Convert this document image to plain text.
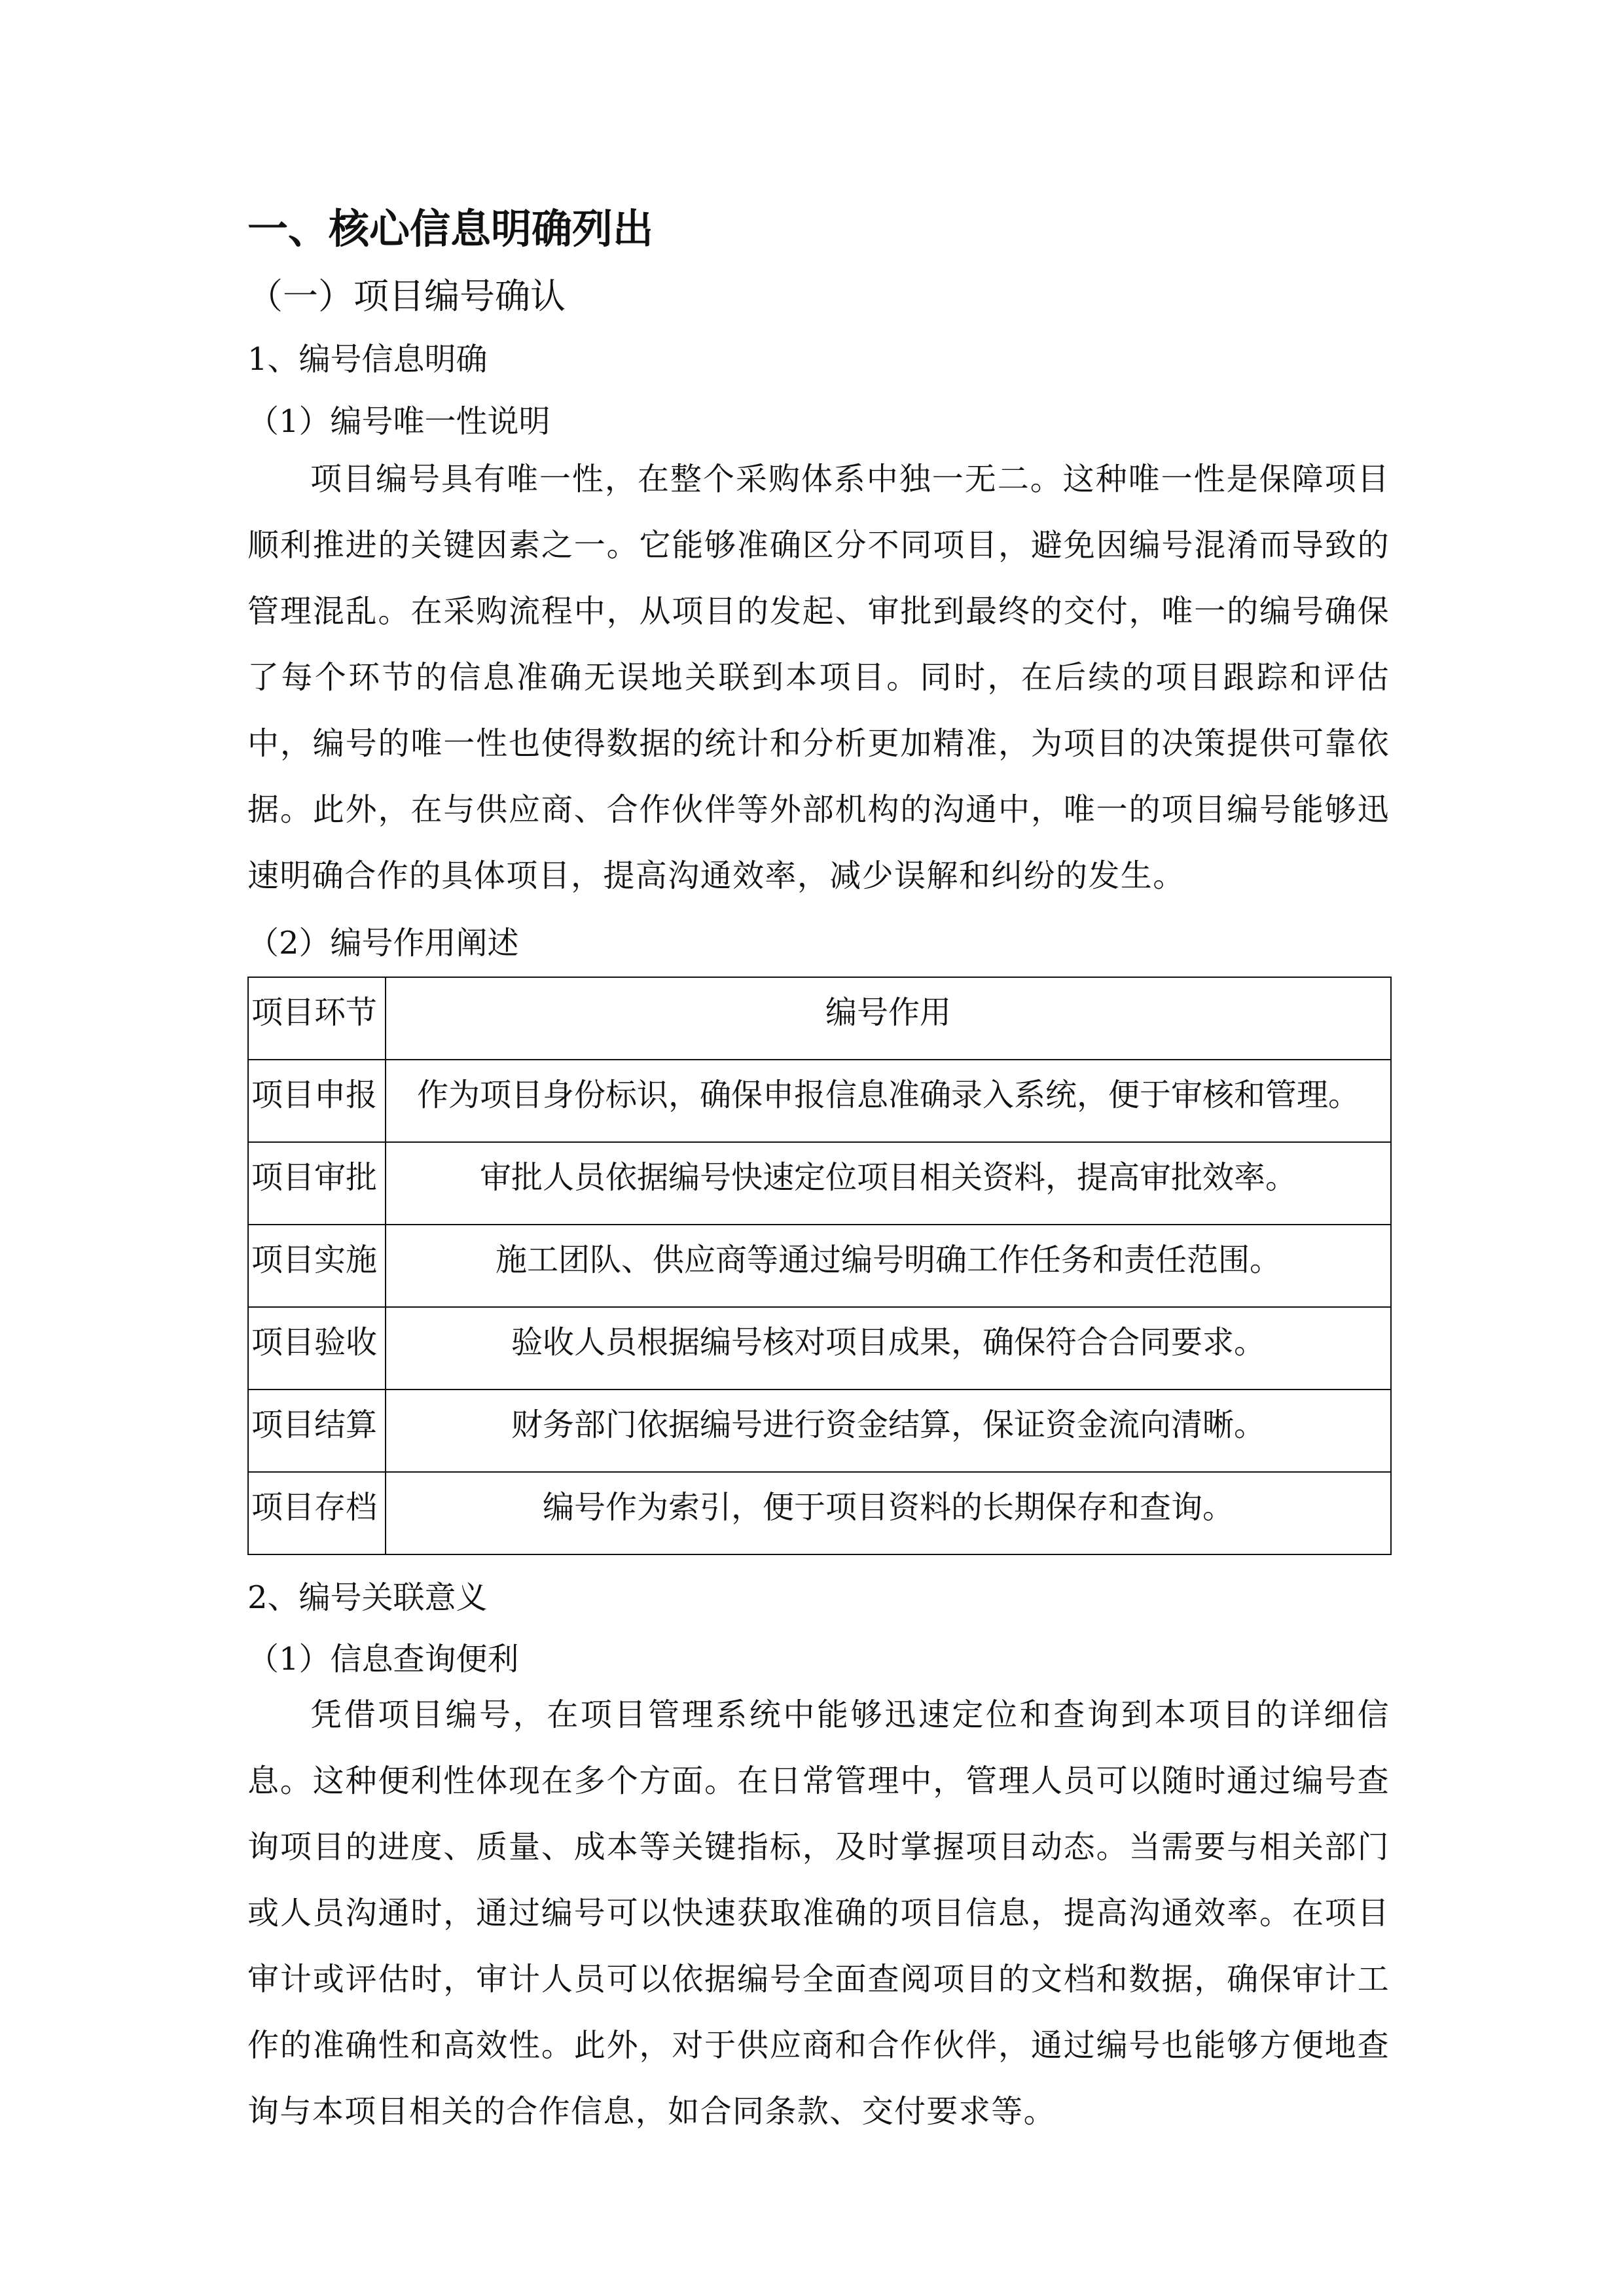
一、核心信息明确列出
（一）项目编号确认
1、编号信息明确
（1）编号唯一性说明

项目编号具有唯一性，在整个采购体系中独一无二。这种唯一性是保障项目顺利推进的关键因素之一。它能够准确区分不同项目，避免因编号混淆而导致的管理混乱。在采购流程中，从项目的发起、审批到最终的交付，唯一的编号确保了每个环节的信息准确无误地关联到本项目。同时，在后续的项目跟踪和评估中，编号的唯一性也使得数据的统计和分析更加精准，为项目的决策提供可靠依据。此外，在与供应商、合作伙伴等外部机构的沟通中，唯一的项目编号能够迅速明确合作的具体项目，提高沟通效率，减少误解和纠纷的发生。

（2）编号作用阐述
项目环节	编号作用
项目申报	作为项目身份标识，确保申报信息准确录入系统，便于审核和管理。
项目审批	审批人员依据编号快速定位项目相关资料，提高审批效率。
项目实施	施工团队、供应商等通过编号明确工作任务和责任范围。
项目验收	验收人员根据编号核对项目成果，确保符合合同要求。
项目结算	财务部门依据编号进行资金结算，保证资金流向清晰。
项目存档	编号作为索引，便于项目资料的长期保存和查询。
2、编号关联意义
（1）信息查询便利

凭借项目编号，在项目管理系统中能够迅速定位和查询到本项目的详细信息。这种便利性体现在多个方面。在日常管理中，管理人员可以随时通过编号查询项目的进度、质量、成本等关键指标，及时掌握项目动态。当需要与相关部门或人员沟通时，通过编号可以快速获取准确的项目信息，提高沟通效率。在项目审计或评估时，审计人员可以依据编号全面查阅项目的文档和数据，确保审计工作的准确性和高效性。此外，对于供应商和合作伙伴，通过编号也能够方便地查询与本项目相关的合作信息，如合同条款、交付要求等。
